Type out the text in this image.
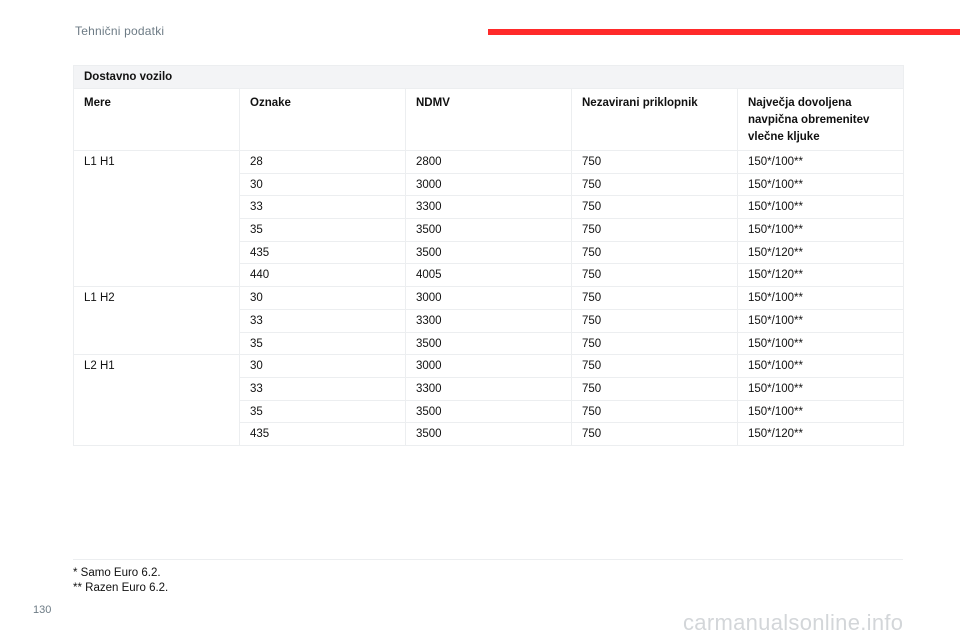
Tehnični podatki
Dostavno vozilo				
Mere	Oznake	NDMV	Nezavirani priklopnik	Največja dovoljena navpična obremenitev vlečne kljuke
L1 H1	28	2800	750	150*/100**
	30	3000	750	150*/100**
	33	3300	750	150*/100**
	35	3500	750	150*/100**
	435	3500	750	150*/120**
	440	4005	750	150*/120**
L1 H2	30	3000	750	150*/100**
	33	3300	750	150*/100**
	35	3500	750	150*/100**
L2 H1	30	3000	750	150*/100**
	33	3300	750	150*/100**
	35	3500	750	150*/100**
	435	3500	750	150*/120**
* Samo Euro 6.2.
** Razen Euro 6.2.
130	carmanualsonline.info
